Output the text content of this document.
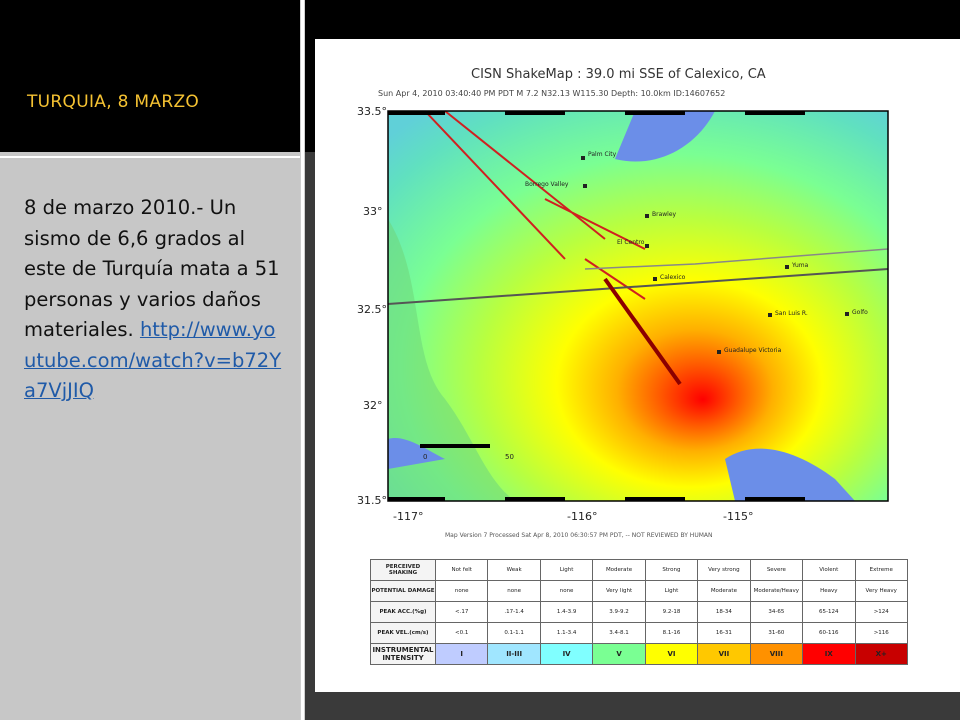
TURQUIA, 8 MARZO
8 de marzo 2010.- Un sismo de 6,6 grados al este de Turquía mata a 51 personas y varios daños materiales. http://www.youtube.com/watch?v=b72Ya7VjJIQ
CISN ShakeMap : 39.0 mi SSE of Calexico, CA
Sun Apr 4, 2010 03:40:40 PM PDT M 7.2 N32.13 W115.30 Depth: 10.0km ID:14607652
33.5°
33°
32.5°
32°
31.5°
-117°	-116°	-115°
Palm City
Borrego Valley
Brawley
El Centro
Calexico
Yuma
San Luis R.
Guadalupe Victoria
Golfo
0	50
Map Version 7 Processed Sat Apr 8, 2010 06:30:57 PM PDT, -- NOT REVIEWED BY HUMAN
PERCEIVED SHAKING	Not felt	Weak	Light	Moderate	Strong	Very strong	Severe	Violent	Extreme
POTENTIAL DAMAGE	none	none	none	Very light	Light	Moderate	Moderate/Heavy	Heavy	Very Heavy
PEAK ACC.(%g)	<.17	.17-1.4	1.4-3.9	3.9-9.2	9.2-18	18-34	34-65	65-124	>124
PEAK VEL.(cm/s)	<0.1	0.1-1.1	1.1-3.4	3.4-8.1	8.1-16	16-31	31-60	60-116	>116
INSTRUMENTAL INTENSITY	I	II-III	IV	V	VI	VII	VIII	IX	X+
